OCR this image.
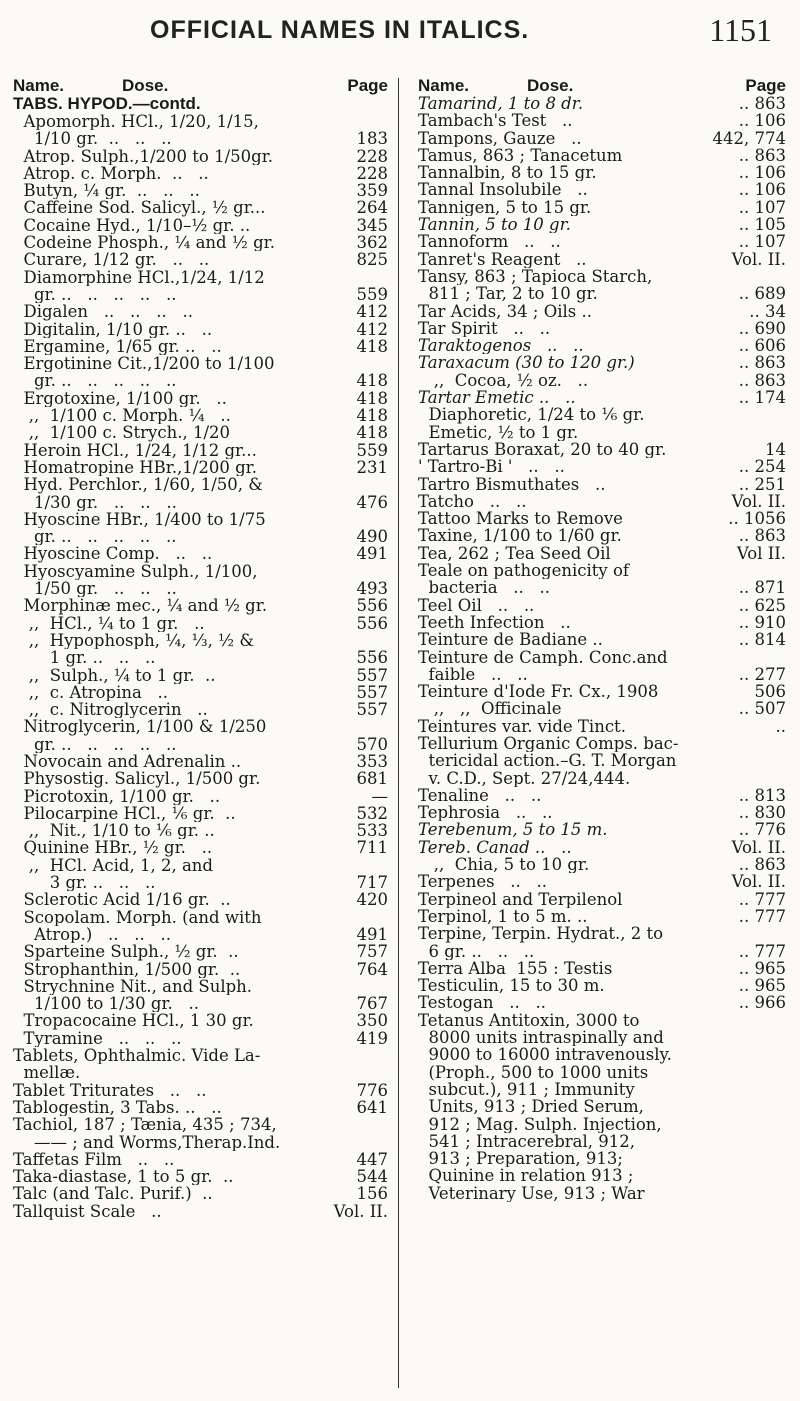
OFFICIAL NAMES IN ITALICS.	1151
Name.	Dose.	Page
TABS. HYPOD.—contd.
Apomorph. HCl., 1/20, 1/15,
1/10 gr.  ..   ..   ..	183
Atrop. Sulph.,1/200 to 1/50gr.	228
Atrop. c. Morph.  ..   ..	228
Butyn, ¼ gr.  ..   ..   ..	359
Caffeine Sod. Salicyl., ½ gr...	264
Cocaine Hyd., 1/10–½ gr. ..	345
Codeine Phosph., ¼ and ½ gr.	362
Curare, 1/12 gr.   ..   ..	825
Diamorphine HCl.,1/24, 1/12
gr. ..   ..   ..   ..   ..	559
Digalen   ..   ..   ..   ..	412
Digitalin, 1/10 gr. ..   ..	412
Ergamine, 1/65 gr. ..   ..	418
Ergotinine Cit.,1/200 to 1/100
gr. ..   ..   ..   ..   ..	418
Ergotoxine, 1/100 gr.   ..	418
,,  1/100 c. Morph. ¼   ..	418
,,  1/100 c. Strych., 1/20	418
Heroin HCl., 1/24, 1/12 gr...	559
Homatropine HBr.,1/200 gr.	231
Hyd. Perchlor., 1/60, 1/50, &
1/30 gr.   ..   ..   ..	476
Hyoscine HBr., 1/400 to 1/75
gr. ..   ..   ..   ..   ..	490
Hyoscine Comp.   ..   ..	491
Hyoscyamine Sulph., 1/100,
1/50 gr.   ..   ..   ..	493
Morphinæ mec., ¼ and ½ gr.	556
,,  HCl., ¼ to 1 gr.   ..	556
,,  Hypophosph, ¼, ⅓, ½ &
1 gr. ..   ..   ..	556
,,  Sulph., ¼ to 1 gr.  ..	557
,,  c. Atropina   ..	557
,,  c. Nitroglycerin   ..	557
Nitroglycerin, 1/100 & 1/250
gr. ..   ..   ..   ..   ..	570
Novocain and Adrenalin ..	353
Physostig. Salicyl., 1/500 gr.	681
Picrotoxin, 1/100 gr.   ..	—
Pilocarpine HCl., ⅙ gr.  ..	532
,,  Nit., 1/10 to ⅙ gr. ..	533
Quinine HBr., ½ gr.   ..	711
,,  HCl. Acid, 1, 2, and
3 gr. ..   ..   ..	717
Sclerotic Acid 1/16 gr.  ..	420
Scopolam. Morph. (and with
Atrop.)   ..   ..   ..	491
Sparteine Sulph., ½ gr.  ..	757
Strophanthin, 1/500 gr.  ..	764
Strychnine Nit., and Sulph.
1/100 to 1/30 gr.   ..	767
Tropacocaine HCl., 1 30 gr.	350
Tyramine   ..   ..   ..	419
Tablets, Ophthalmic. Vide La-
mellæ.
Tablet Triturates   ..   ..	776
Tablogestin, 3 Tabs. ..   ..	641
Tachiol, 187 ; Tænia, 435 ; 734,
—— ; and Worms,Therap.Ind.
Taffetas Film   ..   ..	447
Taka-diastase, 1 to 5 gr.  ..	544
Talc (and Talc. Purif.)  ..	156
Tallquist Scale   ..	Vol. II.
Name.	Dose.	Page
Tamarind, 1 to 8 dr.	.. 863
Tambach's Test   ..	.. 106
Tampons, Gauze   ..	442, 774
Tamus, 863 ; Tanacetum	.. 863
Tannalbin, 8 to 15 gr.	.. 106
Tannal Insolubile   ..	.. 106
Tannigen, 5 to 15 gr.	.. 107
Tannin, 5 to 10 gr.	.. 105
Tannoform   ..   ..	.. 107
Tanret's Reagent   ..	Vol. II.
Tansy, 863 ; Tapioca Starch,
811 ; Tar, 2 to 10 gr.	.. 689
Tar Acids, 34 ; Oils ..	.. 34
Tar Spirit   ..   ..	.. 690
Taraktogenos   ..   ..	.. 606
Taraxacum (30 to 120 gr.)	.. 863
,,  Cocoa, ½ oz.   ..	.. 863
Tartar Emetic ..   ..	.. 174
Diaphoretic, 1/24 to ⅙ gr.
Emetic, ½ to 1 gr.
Tartarus Boraxat, 20 to 40 gr.	14
' Tartro-Bi '   ..   ..	.. 254
Tartro Bismuthates   ..	.. 251
Tatcho   ..   ..	Vol. II.
Tattoo Marks to Remove	.. 1056
Taxine, 1/100 to 1/60 gr.	.. 863
Tea, 262 ; Tea Seed Oil	Vol II.
Teale on pathogenicity of
bacteria   ..   ..	.. 871
Teel Oil   ..   ..	.. 625
Teeth Infection   ..	.. 910
Teinture de Badiane ..	.. 814
Teinture de Camph. Conc.and
faible   ..   ..	.. 277
Teinture d'Iode Fr. Cx., 1908	506
,,   ,,  Officinale	.. 507
Teintures var. vide Tinct.	..
Tellurium Organic Comps. bac-
tericidal action.–G. T. Morgan
v. C.D., Sept. 27/24,444.
Tenaline   ..   ..	.. 813
Tephrosia   ..   ..	.. 830
Terebenum, 5 to 15 m.	.. 776
Tereb. Canad ..   ..	Vol. II.
,,  Chia, 5 to 10 gr.	.. 863
Terpenes   ..   ..	Vol. II.
Terpineol and Terpilenol	.. 777
Terpinol, 1 to 5 m. ..	.. 777
Terpine, Terpin. Hydrat., 2 to
6 gr. ..   ..   ..	.. 777
Terra Alba  155 : Testis	.. 965
Testiculin, 15 to 30 m.	.. 965
Testogan   ..   ..	.. 966
Tetanus Antitoxin, 3000 to
8000 units intraspinally and
9000 to 16000 intravenously.
(Proph., 500 to 1000 units
subcut.), 911 ; Immunity
Units, 913 ; Dried Serum,
912 ; Mag. Sulph. Injection,
541 ; Intracerebral, 912,
913 ; Preparation, 913;
Quinine in relation 913 ;
Veterinary Use, 913 ; War
